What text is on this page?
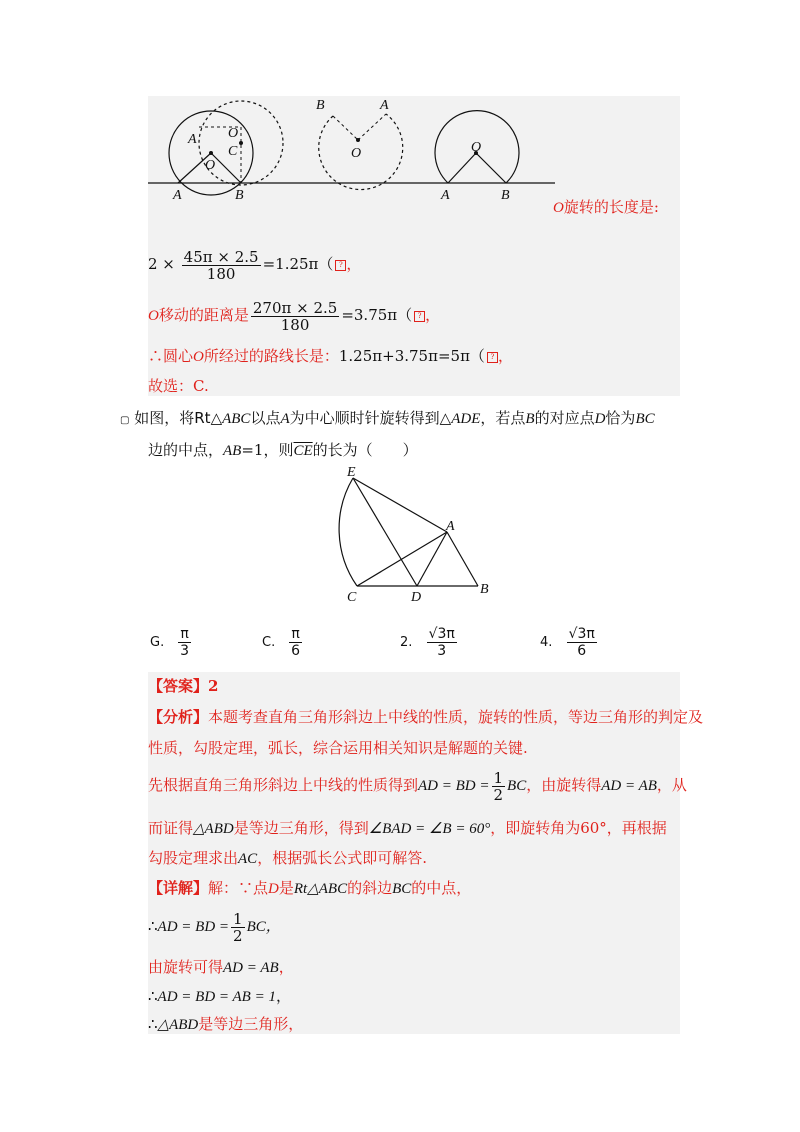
A O
C
O
A	B
B	A
O	O
A	B
O旋转的长度是:
$2 \times \frac{45\pi \times 2.5}{180} =1.25\pi$（ ? ，
O移动的距离是 $\frac{270\pi \times 2.5}{180} =3.75\pi$（ ? ，
∴圆心O所经过的路线长是：1.25π+3.75π=5π（ ? ，
故选：C.
▢ 如图，将Rt△ABC以点A为中心顺时针旋转得到△ADE，若点B的对应点D恰为BC
边的中点，AB=1，则$\overline{CE}$的长为（　　）
E
A
C	D
B
G. $\frac{\pi}{3}$	C. $\frac{\pi}{6}$	2. $\frac{√3\pi}{3}$	4. $\frac{√3\pi}{6}$
【答案】2
【分析】本题考查直角三角形斜边上中线的性质，旋转的性质，等边三角形的判定及
性质，勾股定理，弧长，综合运用相关知识是解题的关键.
先根据直角三角形斜边上中线的性质得到AD = BD = $\frac{1}{2}$ BC，由旋转得AD = AB，从
而证得△ABD是等边三角形，得到∠BAD = ∠B = 60°，即旋转角为60°，再根据
勾股定理求出AC，根据弧长公式即可解答.
【详解】解：∵点D是Rt△ABC的斜边BC的中点，
∴AD = BD = $\frac{1}{2}$ BC，
由旋转可得AD = AB，
∴AD = BD = AB = 1，
∴△ABD是等边三角形，
